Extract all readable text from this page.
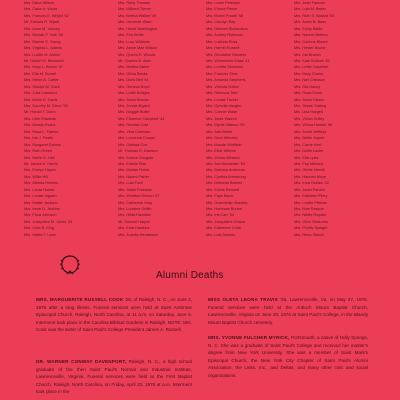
Mrs. Dana Wilson
Mrs. Carla H. Wood
Mrs. Frances E. Wright '62
Mr. Edward R. Wyatt
Mrs. Anne M. Yancey
Mrs. Beulah P. York '38
Mrs. Rachel S. Young
Mrs. Virginia L. Adams
Mrs. Lucille M. Alston
Mr. Robert G. Blackwell
Mrs. Mary L. Brown '47
Mrs. Ella M. Burrell
Mrs. Helen B. Carter
Mrs. Gladys W. Clark
Mrs. Julia Crawford
Mrs. Annie D. Davis
Mrs. Dorothy M. Dixon '59
Mr. Harold T. Dunn
Mrs. Lillie Edwards
Mrs. Bessie Evans
Mrs. Rosa L. Farmer
Mrs. Ida J. Foster
Mrs. Margaret Gaines
Mrs. Ruth Green
Mrs. Nellie G. Hall
Mr. James H. Harris
Mrs. Evelyn Hayes
Mrs. Willie Hill
Mrs. Alberta Holmes
Mrs. Laura Hunter
Mrs. Louise Ingram
Mrs. Mattie Jackson
Mrs. Irene D. Jenkins
Mrs. Flora Johnson
Mrs. Josephine M. Jones '43
Mrs. Cora B. King
Mrs. Hattie F. Lane
Mrs. Ruby Thomas
Mrs. Mildred Turner
Mrs. Bertha Walker '49
Mrs. Gertrude Ward
Mrs. Hazel Washington
Mrs. Eva White
Mrs. Lucy Williams
Mrs. Annie Mae Wilson
Mrs. Queen E. Woods
Mr. Charles B. Allen
Mrs. Martha Baker
Mrs. Olivia Banks
Mrs. Doris Bell '61
Mrs. Geneva Boyd
Mrs. Lottie Bridges
Mrs. Susie Brooks
Mrs. Jennie Bryant
Mrs. Maggie Butler
Mrs. Florence Campbell '44
Mrs. Rosetta Cole
Mrs. Vera Coleman
Mrs. Louvenia Cooper
Mrs. Odessa Cox
Mr. Thomas R. Dawson
Mrs. Eunice Douglas
Mrs. Estelle Ellis
Mrs. Marian Fields
Mrs. Naomi Fisher
Mrs. Lula Ford
Mrs. Sadie Freeman
Mrs. Winifred Gibson '57
Mrs. Catherine Gray
Mrs. Lorraine Griffin
Mrs. Hilda Hamilton
Mr. Samuel Harper
Mrs. Eula Hawkins
Mrs. Juanita Henderson
Mrs. Lizzie Peterson
Mrs. Elnora Pierce
Mrs. Muriel Powell '58
Mrs. Carolyn Ray
Mrs. Delores Richardson
Mrs. Audrey Robinson
Mrs. Lucinda Ross
Mrs. Harriet Russell
Mrs. Geraldine Sanders
Mrs. Wilhelmina Shaw '41
Mrs. Loretta Simmons
Mrs. Frances Sims
Mrs. Amanda Stephens
Mrs. Victoria Sutton
Mrs. Rebecca Tate
Mrs. Louise Tucker
Mrs. Ophelia Vaughn
Mrs. Connie Wade
Mrs. Janie Warren
Mrs. Myrtle Watson '50
Mrs. Ada Webb
Mrs. Dora Wheeler
Mrs. Maude Whitfield
Mrs. Elsie Wilkins
Mrs. Zelma Winston
Mrs. Ann Alexander '63
Mrs. Barbara Anderson
Mrs. Cynthia Armstrong
Mrs. Deborah Barnes
Mrs. Elaine Bennett
Mrs. Faye Black
Mrs. Gwendolyn Bradley
Mrs. Hortense Burton
Mrs. Iris Carr '54
Mrs. Jacqueline Chavis
Mrs. Katherine Cobb
Mrs. Lois Daniels
Mrs. Jean Faulcon
Mrs. Lula M. Baker
Mrs. Ruth S. Ballard '53
Mrs. Annie B. Bass
Mrs. Emily Battle
Mrs. Nannie Bethea
Mrs. Corinne Blount
Mrs. Hester Boone
Mrs. Ida Branch
Mrs. Kate Bullock '45
Mrs. Lettie Capehart
Mrs. Mary Cherry
Mrs. Nell Chesson
Mrs. Ola Dancy
Mrs. Rosa Exum
Mrs. Susie Faison
Mrs. Tessie Gatling
Mrs. Una Hargett
Mrs. Vivian Holley
Mrs. Wilma Hooker '56
Mrs. Annie Jeffreys
Mrs. Bettie Joyner
Mrs. Carrie Keel
Mrs. Dollie Lanier
Mrs. Ella Lyles
Mrs. Fay Mebane
Mrs. Gertie Merritt
Mrs. Hannah Moye
Mrs. Irma Outlaw '42
Mrs. Janet Parrish
Mrs. Kathleen Perry
Mrs. Lucille Pittman
Mrs. Mae Rascoe
Mrs. Nettie Royster
Mrs. Olive Sessoms
Mrs. Phyllis Speight
Mrs. Rena Stancil
Alumni Deaths
MRS. MARGUERITE RUSSELL COOK '26, of Raleigh, N. C., on June 2, 1976 after a long illness. Funeral services were held at Saint Ambrose Episcopal Church, Raleigh, North Carolina, at 11 a.m. on Saturday, June 5. Interment took place in the Carolina Biblical Gardens in Raleigh. NOTE: Mrs. Cook was the sister of Saint Paul's College President James A. Russell.
DR. WARNER CONWAY DAVENPORT, Raleigh, N. C., a high school graduate of the then Saint Paul's Normal and Industrial Institute, Lawrenceville, Virginia. Funeral services were held at the First Baptist Church, Raleigh, North Carolina, on Friday, April 23, 1976 at a.m. Interment took place in the
MISS OLETA LEONA TRAVIS '36, Lawrenceville, Va. on May 27, 1976. Funeral services were held at the Antioch Mount Baptist Church, Lawrenceville, Virginia on June 30, 1976 at Saint Paul's College, in the Blandy Mount Baptist Church cemetery.
MRS. YVONNE FULCHER MYRICK, Portsmouth, a native of Holly Springs, N. C. She was a graduate of Saint Paul's College and received her master's degree from New York University. She was a member of Saint Mark's Episcopal Church, the New York City Chapter of Saint Paul's Alumni Association, the Links, Inc., and Deltas, and many other civic and social organizations.
